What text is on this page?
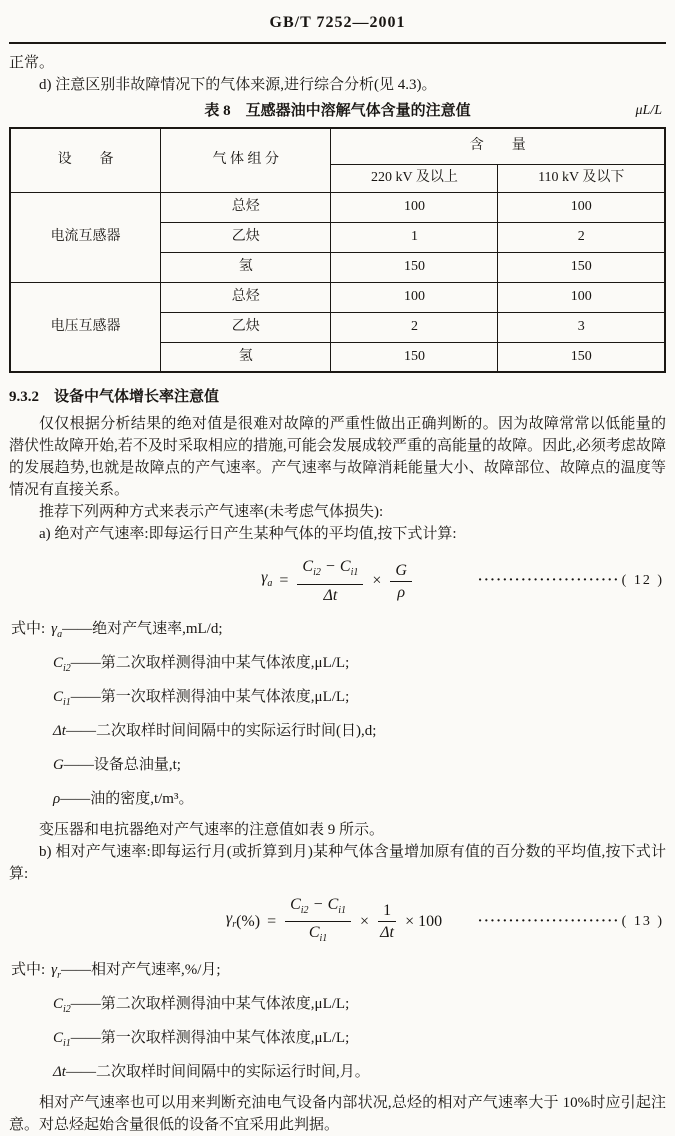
GB/T 7252—2001

正常。

d) 注意区别非故障情况下的气体来源,进行综合分析(见 4.3)。

表 8　互感器油中溶解气体含量的注意值	μL/L
设　　备	气 体 组 分	含　　量	
		220 kV 及以上	110 kV 及以下
电流互感器	总烃	100	100
	乙炔	1	2
	氢	150	150
电压互感器	总烃	100	100
	乙炔	2	3
	氢	150	150
9.3.2　设备中气体增长率注意值

仅仅根据分析结果的绝对值是很难对故障的严重性做出正确判断的。因为故障常常以低能量的潜伏性故障开始,若不及时采取相应的措施,可能会发展成较严重的高能量的故障。因此,必须考虑故障的发展趋势,也就是故障点的产气速率。产气速率与故障消耗能量大小、故障部位、故障点的温度等情况有直接关系。

推荐下列两种方式来表示产气速率(未考虑气体损失):

a) 绝对产气速率:即每运行日产生某种气体的平均值,按下式计算:

$\gamma_a = \frac{C_{i2} - C_{i1}}{\Delta t} \times \frac{G}{\rho}$	······················· ( 12 )
式中: $\gamma_a——$绝对产气速率,mL/d;
$C_{i2}——$第二次取样测得油中某气体浓度,μL/L;
$C_{i1}——$第一次取样测得油中某气体浓度,μL/L;
Δt——二次取样时间间隔中的实际运行时间(日),d;
G——设备总油量,t;
ρ——油的密度,t/m³。

变压器和电抗器绝对产气速率的注意值如表 9 所示。

b) 相对产气速率:即每运行月(或折算到月)某种气体含量增加原有值的百分数的平均值,按下式计算:

$\gamma_r$ (%) = $\frac{C_{i2} - C_{i1}}{C_{i1}} \times \frac{1}{\Delta t} \times 100$	······················· ( 13 )
式中: $\gamma_r——$相对产气速率,%/月;
$C_{i2}——$第二次取样测得油中某气体浓度,μL/L;
$C_{i1}——$第一次取样测得油中某气体浓度,μL/L;
Δt——二次取样时间间隔中的实际运行时间,月。

相对产气速率也可以用来判断充油电气设备内部状况,总烃的相对产气速率大于 10%时应引起注意。对总烃起始含量很低的设备不宜采用此判据。
